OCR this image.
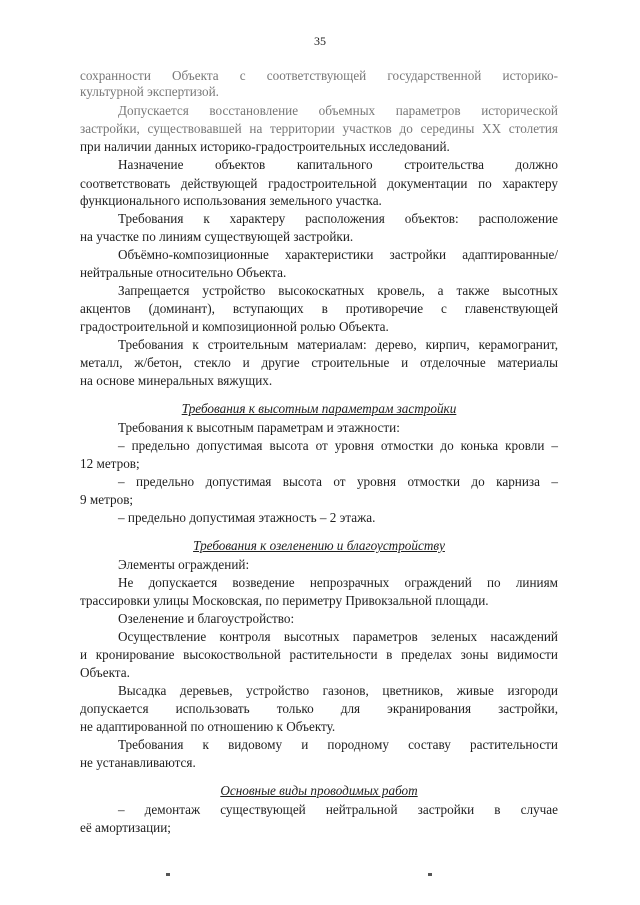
35
сохранности Объекта с соответствующей государственной историко-
культурной экспертизой.
Допускается восстановление объемных параметров исторической
застройки, существовавшей на территории участков до середины XX столетия
при наличии данных историко-градостроительных исследований.
Назначение объектов капитального строительства должно
соответствовать действующей градостроительной документации по характеру
функционального использования земельного участка.
Требования к характеру расположения объектов: расположение
на участке по линиям существующей застройки.
Объёмно-композиционные характеристики застройки адаптированные/
нейтральные относительно Объекта.
Запрещается устройство высокоскатных кровель, а также высотных
акцентов (доминант), вступающих в противоречие с главенствующей
градостроительной и композиционной ролью Объекта.
Требования к строительным материалам: дерево, кирпич, керамогранит,
металл, ж/бетон, стекло и другие строительные и отделочные материалы
на основе минеральных вяжущих.
Требования к высотным параметрам застройки
Требования к высотным параметрам и этажности:
– предельно допустимая высота от уровня отмостки до конька кровли –
12 метров;
– предельно допустимая высота от уровня отмостки до карниза –
9 метров;
– предельно допустимая этажность – 2 этажа.
Требования к озеленению и благоустройству
Элементы ограждений:
Не допускается возведение непрозрачных ограждений по линиям
трассировки улицы Московская, по периметру Привокзальной площади.
Озеленение и благоустройство:
Осуществление контроля высотных параметров зеленых насаждений
и кронирование высокоствольной растительности в пределах зоны видимости
Объекта.
Высадка деревьев, устройство газонов, цветников, живые изгороди
допускается использовать только для экранирования застройки,
не адаптированной по отношению к Объекту.
Требования к видовому и породному составу растительности
не устанавливаются.
Основные виды проводимых работ
– демонтаж существующей нейтральной застройки в случае
её амортизации;
